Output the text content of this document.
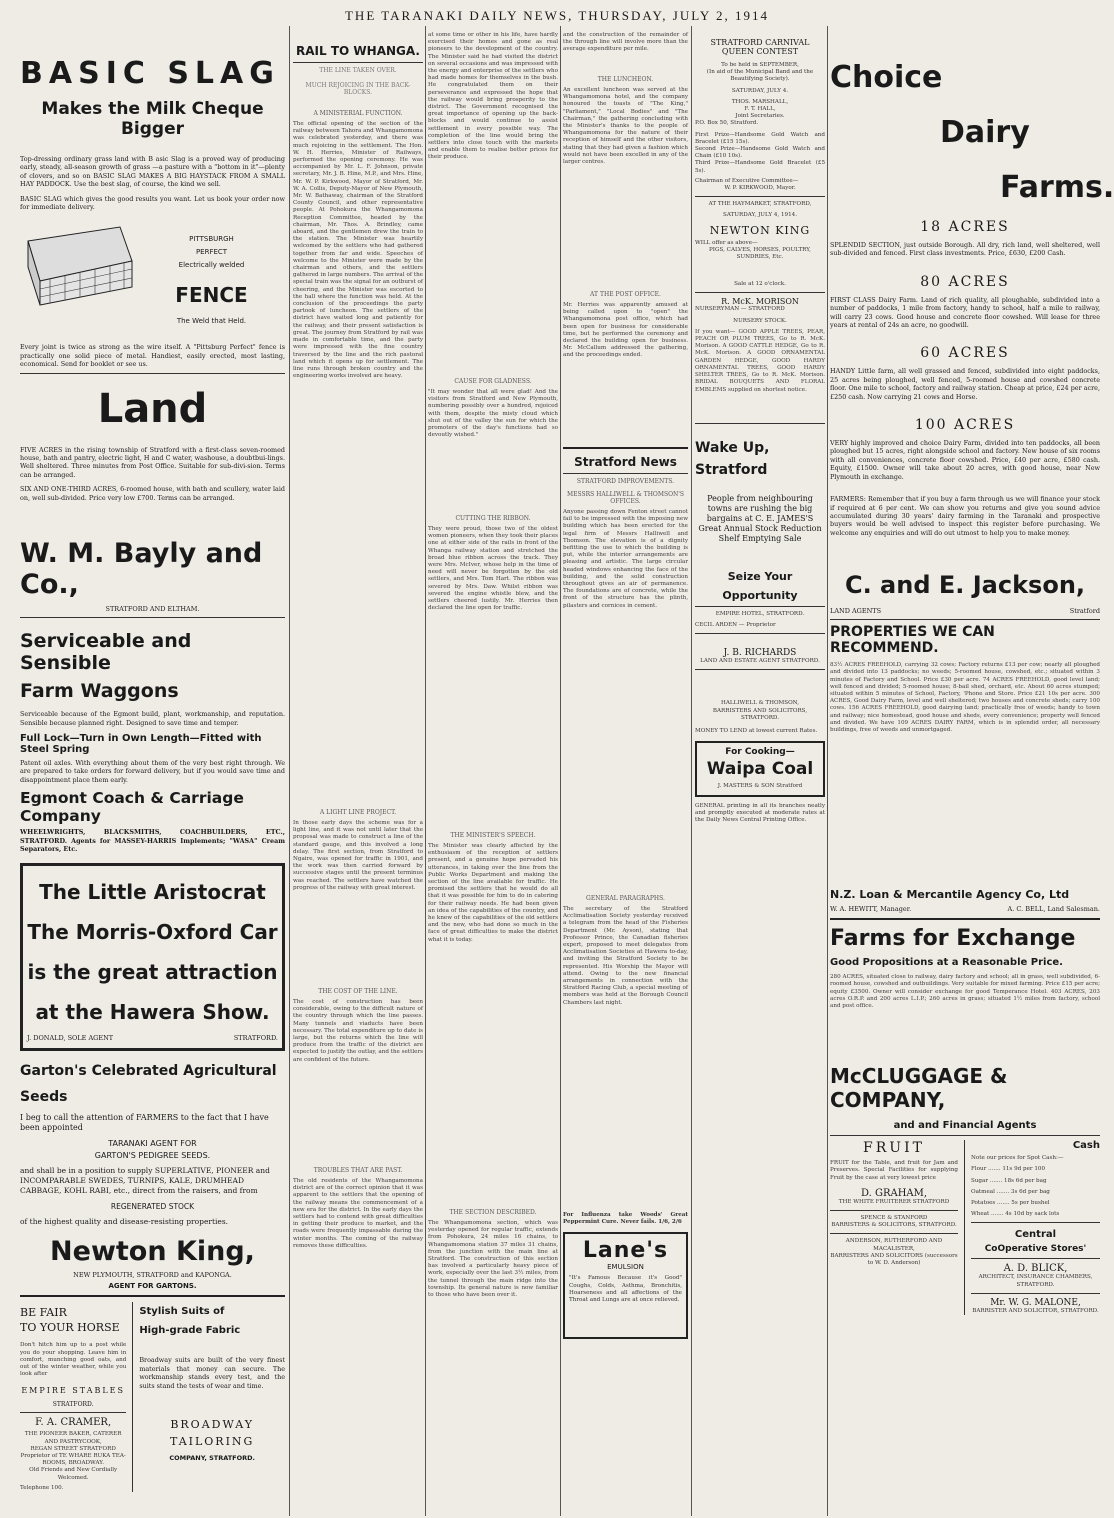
THE TARANAKI DAILY NEWS, THURSDAY, JULY 2, 1914
BASIC SLAG
Makes the Milk Cheque Bigger
Top-dressing ordinary grass land with B asic Slag is a proved way of producing early, steady, all-season growth of grass —a pasture with a "bottom in it"—plenty of clovers, and so on BASIC SLAG MAKES A BIG HAYSTACK FROM A SMALL HAY PADDOCK. Use the best slag, of course, the kind we sell.
BASIC SLAG which gives the good results you want. Let us book your order now for immediate delivery.
PITTSBURGH
PERFECT
Electrically welded
FENCE
The Weld that Held.
Every joint is twice as strong as the wire itself. A "Pittsburg Perfect" fence is practically one solid piece of metal. Handiest, easily erected, most lasting, economical. Send for booklet or see us.
Land
FIVE ACRES in the rising township of Stratford with a first-class seven-roomed house, bath and pantry, electric light, H and C water, washouse, a doubtbui-lings. Well sheltered. Three minutes from Post Office. Suitable for sub-divi-sion. Terms can be arranged.
SIX AND ONE-THIRD ACRES, 6-roomed house, with bath and scullery, water laid on, well sub-divided. Price very low £700. Terms can be arranged.
W. M. Bayly and Co.,
STRATFORD AND ELTHAM.
Serviceable and Sensible
Farm Waggons
Serviceable because of the Egmont build, plant, workmanship, and reputation. Sensible because planned right. Designed to save time and temper.
Full Lock—Turn in Own Length—Fitted with Steel Spring
Patent oil axles. With everything about them of the very best right through. We are prepared to take orders for forward delivery, but if you would save time and disappointment place them early.
Egmont Coach & Carriage Company
WHEELWRIGHTS, BLACKSMITHS, COACHBUILDERS, ETC., STRATFORD. Agents for MASSEY-HARRIS Implements; "WASA" Cream Separators, Etc.
The Little Aristocrat
The Morris-Oxford Car
is the great attraction
at the Hawera Show.
J. DONALD, SOLE AGENT	STRATFORD.
Garton's Celebrated Agricultural
Seeds
I beg to call the attention of FARMERS to the fact that I have been appointed
TARANAKI AGENT FOR
GARTON'S PEDIGREE SEEDS.
and shall be in a position to supply SUPERLATIVE, PIONEER and INCOMPARABLE SWEDES, TURNIPS, KALE, DRUMHEAD CABBAGE, KOHL RABI, etc., direct from the raisers, and from
REGENERATED STOCK
of the highest quality and disease-resisting properties.
Newton King,
NEW PLYMOUTH, STRATFORD and KAPONGA.
AGENT FOR GARTONS.
BE FAIR
TO YOUR HORSE
Don't hitch him up to a post while you do your shopping. Leave him in comfort, munching good oats, and out of the winter weather, while you look after
EMPIRE STABLES
STRATFORD.
F. A. CRAMER,
THE PIONEER BAKER, CATERER AND PASTRYCOOK,
REGAN STREET STRATFORD
Proprietor of TE WHARE RUKA TEA-ROOMS, BROADWAY.
Old Friends and New Cordially Welcomed.
Telephone 100.
Stylish Suits of
High-grade Fabric
Broadway suits are built of the very finest materials that money can secure. The workmanship stands every test, and the suits stand the tests of wear and time.
BROADWAY
TAILORING
COMPANY, STRATFORD.
RAIL TO WHANGA.
THE LINE TAKEN OVER.
MUCH REJOICING IN THE BACK-BLOCKS.
A MINISTERIAL FUNCTION.
The official opening of the section of the railway between Tahora and Whangamomona was celebrated yesterday, and there was much rejoicing in the settlement. The Hon. W. H. Herries, Minister of Railways, performed the opening ceremony. He was accompanied by Mr. L. F. Johnson, private secretary, Mr. J. B. Hine, M.P., and Mrs. Hine, Mr. W. P. Kirkwood, Mayor of Stratford, Mr. W. A. Collis, Deputy-Mayor of New Plymouth, Mr. W. Bathaway, chairman of the Stratford County Council, and other representative people. At Pohokura the Whangamomona Reception Committee, headed by the chairman, Mr. Thos. A. Brindley, came aboard, and the gentlemen drew the train to the station. The Minister was heartily welcomed by the settlers who had gathered together from far and wide. Speeches of welcome to the Minister were made by the chairman and others, and the settlers gathered in large numbers. The arrival of the special train was the signal for an outburst of cheering, and the Minister was escorted to the hall where the function was held. At the conclusion of the proceedings the party partook of luncheon. The settlers of the district have waited long and patiently for the railway, and their present satisfaction is great. The journey from Stratford by rail was made in comfortable time, and the party were impressed with the fine country traversed by the line and the rich pastoral land which it opens up for settlement. The line runs through broken country and the engineering works involved are heavy.
A LIGHT LINE PROJECT.
In those early days the scheme was for a light line, and it was not until later that the proposal was made to construct a line of the standard gauge, and this involved a long delay. The first section, from Stratford to Ngaire, was opened for traffic in 1901, and the work was then carried forward by successive stages until the present terminus was reached. The settlers have watched the progress of the railway with great interest.
THE COST OF THE LINE.
The cost of construction has been considerable, owing to the difficult nature of the country through which the line passes. Many tunnels and viaducts have been necessary. The total expenditure up to date is large, but the returns which the line will produce from the traffic of the district are expected to justify the outlay, and the settlers are confident of the future.
TROUBLES THAT ARE PAST.
The old residents of the Whangamomona district are of the correct opinion that it was apparent to the settlers that the opening of the railway means the commencement of a new era for the district. In the early days the settlers had to contend with great difficulties in getting their produce to market, and the roads were frequently impassable during the winter months. The coming of the railway removes these difficulties.
at some time or other in his life, have hardly exercised their homes and gone as real pioneers to the development of the country. The Minister said he had visited the district on several occasions and was impressed with the energy and enterprise of the settlers who had made homes for themselves in the bush. He congratulated them on their perseverance and expressed the hope that the railway would bring prosperity to the district. The Government recognised the great importance of opening up the back-blocks and would continue to assist settlement in every possible way. The completion of the line would bring the settlers into close touch with the markets and enable them to realise better prices for their produce.
CAUSE FOR GLADNESS.
"It may wonder that all were glad! And the visitors from Stratford and New Plymouth, numbering possibly over a hundred, rejoiced with them, despite the misty cloud which shut out of the valley the sun for which the promoters of the day's functions had so devoutly wished."
CUTTING THE RIBBON.
They were proud, those two of the oldest women pioneers, when they took their places one at either side of the rails in front of the Whanga railway station and stretched the broad blue ribbon across the track. They were Mrs. McIver, whose help in the time of need will never be forgotten by the old settlers, and Mrs. Tom Hart. The ribbon was severed by Mrs. Daw. Whilst ribbon was severed the engine whistle blew, and the settlers cheered lustily. Mr. Herries then declared the line open for traffic.
THE MINISTER'S SPEECH.
The Minister was clearly affected by the enthusiasm of the reception of settlers present, and a genuine hope pervaded his utterances, in taking over the line from the Public Works Department and making the section of the line available for traffic. He promised the settlers that he would do all that it was possible for him to do in catering for their railway needs. He had been given an idea of the capabilities of the country, and he knew of the capabilities of the old settlers and the new, who had done so much in the face of great difficulties to make the district what it is today.
THE SECTION DESCRIBED.
The Whangamomona section, which was yesterday opened for regular traffic, extends from Pohokura, 24 miles 16 chains, to Whangamomona station 37 miles 31 chains, from the junction with the main line at Stratford. The construction of this section has involved a particularly heavy piece of work, especially over the last 3½ miles, from the tunnel through the main ridge into the township. Its general nature is now familiar to those who have been over it.
and the construction of the remainder of the through line will involve more than the average expenditure per mile.
THE LUNCHEON.
An excellent luncheon was served at the Whangamomona hotel, and the company honoured the toasts of "The King," "Parliament," "Local Bodies" and "The Chairman," the gathering concluding with the Minister's thanks to the people of Whangamomona for the nature of their reception of himself and the other visitors, stating that they had given a fashion which would not have been excelled in any of the larger centres.
AT THE POST OFFICE.
Mr. Herries was apparently amused at being called upon to "open" the Whangamomona post office, which had been open for business for considerable time, but he performed the ceremony and declared the building open for business. Mr. McCallum addressed the gathering, and the proceedings ended.
Stratford News
STRATFORD IMPROVEMENTS.
MESSRS HALLIWELL & THOMSON'S OFFICES.
Anyone passing down Fenton street cannot fail to be impressed with the imposing new building which has been erected for the legal firm of Messrs Halliwell and Thomson. The elevation is of a dignity befitting the use to which the building is put, while the interior arrangements are pleasing and artistic. The large circular headed windows enhancing the face of the building, and the solid construction throughout gives an air of permanence. The foundations are of concrete, while the front of the structure has the plinth, pilasters and cornices in cement.
GENERAL PARAGRAPHS.
The secretary of the Stratford Acclimatisation Society yesterday received a telegram from the head of the Fisheries Department (Mr. Ayson), stating that Professor Prince, the Canadian fisheries expert, proposed to meet delegates from Acclimatisation Societies at Hawera to-day, and inviting the Stratford Society to be represented. His Worship the Mayor will attend. Owing to the new financial arrangements in connection with the Stratford Racing Club, a special meeting of members was held at the Borough Council Chambers last night.
For Influenza take Woods' Great Peppermint Cure. Never fails. 1/6, 2/6
Lane's
EMULSION
"It's Famous Because it's Good" Coughs, Colds, Asthma, Bronchitis, Hoarseness and all affections of the Throat and Lungs are at once relieved.
STRATFORD CARNIVAL QUEEN CONTEST
To be held in SEPTEMBER,
(In aid of the Municipal Band and the Beautifying Society).
SATURDAY, JULY 4.
THOS. MARSHALL,
F. T. HALL,
Joint Secretaries.
P.O. Box 50, Stratford.
First Prize—Handsome Gold Watch and Bracelet (£15 15s).
Second Prize—Handsome Gold Watch and Chain (£10 10s).
Third Prize—Handsome Gold Bracelet (£5 5s).
Chairman of Executive Committee—
W. P. KIRKWOOD, Mayor.
AT THE HAYMARKET, STRATFORD,
SATURDAY, JULY 4, 1914.
NEWTON KING
WILL offer as above—
PIGS, CALVES, HORSES, POULTRY, SUNDRIES, Etc.
Sale at 12 o'clock.
R. McK. MORISON
NURSERYMAN — STRATFORD
NURSERY STOCK.
If you want— GOOD APPLE TREES, PEAR, PEACH OR PLUM TREES, Go to R. McK. Morison. A GOOD CATTLE HEDGE, Go to R. McK. Morison. A GOOD ORNAMENTAL GARDEN HEDGE, GOOD HARDY ORNAMENTAL TREES, GOOD HARDY SHELTER TREES, Go to R. McK. Morison. BRIDAL BOUQUETS AND FLORAL EMBLEMS supplied on shortest notice.
Wake Up,
Stratford
People from neighbouring towns are rushing the big bargains at C. E. JAMES'S Great Annual Stock Reduction Shelf Emptying Sale
Seize Your
Opportunity
EMPIRE HOTEL, STRATFORD.
CECIL ARDEN — Proprietor
J. B. RICHARDS
LAND AND ESTATE AGENT STRATFORD.
HALLIWELL & THOMSON,
BARRISTERS AND SOLICITORS, STRATFORD.
MONEY TO LEND at lowest current Rates.
For Cooking—
Waipa Coal
J. MASTERS & SON Stratford
GENERAL printing in all its branches neatly and promptly executed at moderate rates at the Daily News Central Printing Office.
Choice
Dairy
Farms.
18 ACRES
SPLENDID SECTION, just outside Borough. All dry, rich land, well sheltered, well sub-divided and fenced. First class investments. Price, £630, £200 Cash.
80 ACRES
FIRST CLASS Dairy Farm. Land of rich quality, all ploughable, subdivided into a number of paddocks, 1 mile from factory, handy to school, half a mile to railway, will carry 23 cows. Good house and concrete floor cowshed. Will lease for three years at rental of 24s an acre, no goodwill.
60 ACRES
HANDY Little farm, all well grassed and fenced, subdivided into eight paddocks, 25 acres being ploughed, well fenced, 5-roomed house and cowshed concrete floor. One mile to school, factory and railway station. Cheap at price, £24 per acre, £250 cash. Now carrying 21 cows and Horse.
100 ACRES
VERY highly improved and choice Dairy Farm, divided into ten paddocks, all been ploughed but 15 acres, right alongside school and factory. New house of six rooms with all conveniences, concrete floor cowshed. Price, £40 per acre, £580 cash. Equity, £1500. Owner will take about 20 acres, with good house, near New Plymouth in exchange.
FARMERS: Remember that if you buy a farm through us we will finance your stock if required at 6 per cent. We can show you returns and give you sound advice accumulated during 30 years' dairy farming in the Taranaki and prospective buyers would be well advised to inspect this register before purchasing. We welcome any enquiries and will do out utmost to help you to make money.
C. and E. Jackson,
LAND AGENTS	Stratford
PROPERTIES WE CAN RECOMMEND.
83½ ACRES FREEHOLD, carrying 32 cows; Factory returns £13 per cow; nearly all ploughed and divided into 13 paddocks; no weeds; 5-roomed house, cowshed, etc.; situated within 3 minutes of Factory and School. Price £30 per acre. 74 ACRES FREEHOLD, good level land; well fenced and divided; 5-roomed house; 8-bail shed, orchard, etc. About 60 acres stumped; situated within 5 minutes of School, Factory, 'Phone and Store. Price £21 10s per acre. 300 ACRES, Good Dairy Farm, level and well sheltered; two houses and concrete sheds; carry 100 cows. 156 ACRES FREEHOLD, good dairying land; practically free of weeds; handy to town and railway; nice homestead, good house and sheds, every convenience; property well fenced and divided. We have 109 ACRES DAIRY FARM, which is in splendid order, all necessary buildings, free of weeds and unmortgaged.
N.Z. Loan & Mercantile Agency Co, Ltd
W. A. HEWITT, Manager.	A. C. BELL, Land Salesman.
Farms for Exchange
Good Propositions at a Reasonable Price.
280 ACRES, situated close to railway, dairy factory and school; all in grass, well subdivided, 6-roomed house, cowshed and outbuildings. Very suitable for mixed farming. Price £15 per acre; equity £3500. Owner will consider exchange for good Temperance Hotel. 403 ACRES, 203 acres O.R.P. and 200 acres L.I.P.; 260 acres in grass; situated 1½ miles from factory, school and post office.
McCLUGGAGE & COMPANY,
and and Financial Agents
FRUIT
FRUIT for the Table, and fruit for Jam and Preserves. Special Facilities for supplying Fruit by the case at very lowest price
D. GRAHAM,
THE WHITE FRUITERER STRATFORD
SPENCE & STANFORD
BARRISTERS & SOLICITORS, STRATFORD.
ANDERSON, RUTHERFORD AND MACALISTER,
BARRISTERS AND SOLICITORS (successors to W. D. Anderson)
Cash
Note our prices for Spot Cash:—
Flour ....... 11s 9d per 100
Sugar ....... 18s 6d per bag
Oatmeal ....... 3s 6d per bag
Potatoes ....... 5s per bushel
Wheat ....... 4s 10d by sack lots
Central
CoOperative Stores'
A. D. BLICK,
ARCHITECT, INSURANCE CHAMBERS, STRATFORD.
Mr. W. G. MALONE,
BARRISTER AND SOLICITOR, STRATFORD.
